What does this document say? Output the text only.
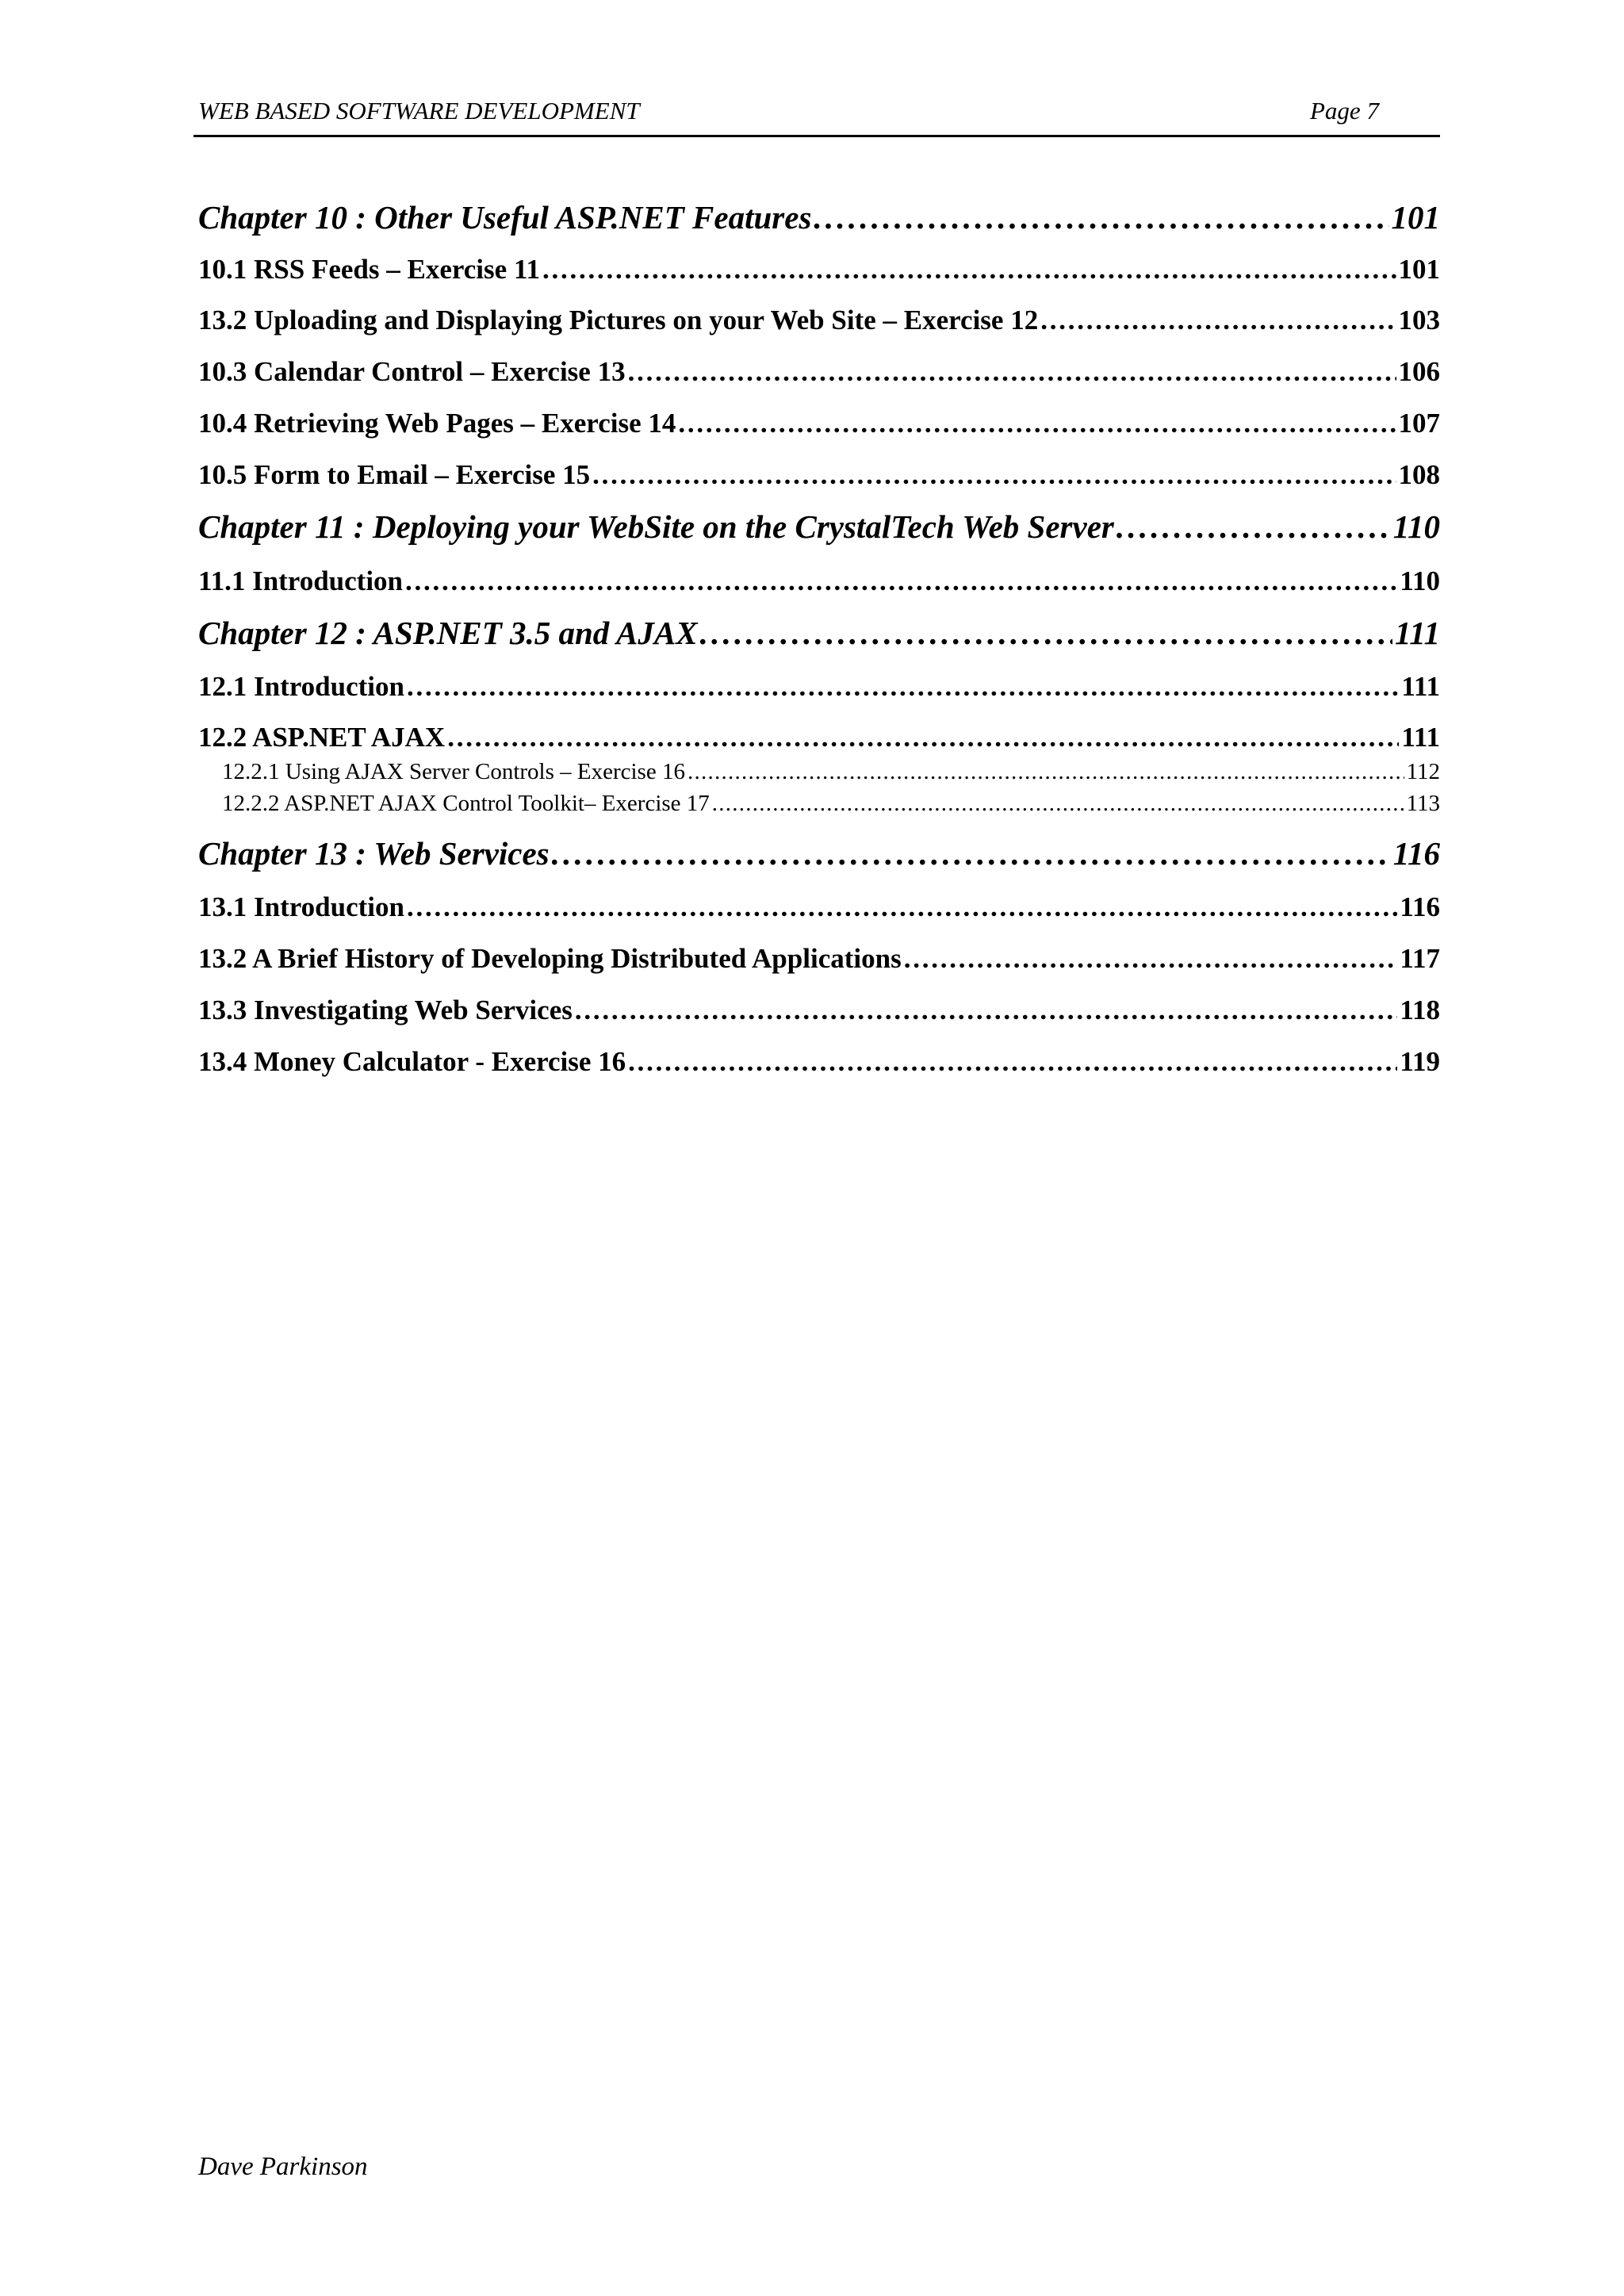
WEB BASED SOFTWARE DEVELOPMENT	Page 7
Chapter 10 : Other Useful ASP.NET Features . . .	101
10.1 RSS Feeds – Exercise 11 . . .	101
13.2 Uploading and Displaying Pictures on your Web Site – Exercise 12 . . .	103
10.3 Calendar Control – Exercise 13 . . .	106
10.4 Retrieving Web Pages – Exercise 14 . . .	107
10.5 Form to Email – Exercise 15 . . .	108
Chapter 11 : Deploying your WebSite on the CrystalTech Web Server . . .	110
11.1 Introduction . . .	110
Chapter 12 : ASP.NET 3.5 and AJAX . . .	111
12.1 Introduction . . .	111
12.2 ASP.NET AJAX . . .	111
12.2.1 Using AJAX Server Controls – Exercise 16 . . .	112
12.2.2 ASP.NET AJAX Control Toolkit– Exercise 17 . . .	113
Chapter 13 : Web Services . . .	116
13.1 Introduction . . .	116
13.2 A Brief History of Developing Distributed Applications . . .	117
13.3 Investigating Web Services . . .	118
13.4 Money Calculator - Exercise 16 . . .	119
Dave Parkinson
